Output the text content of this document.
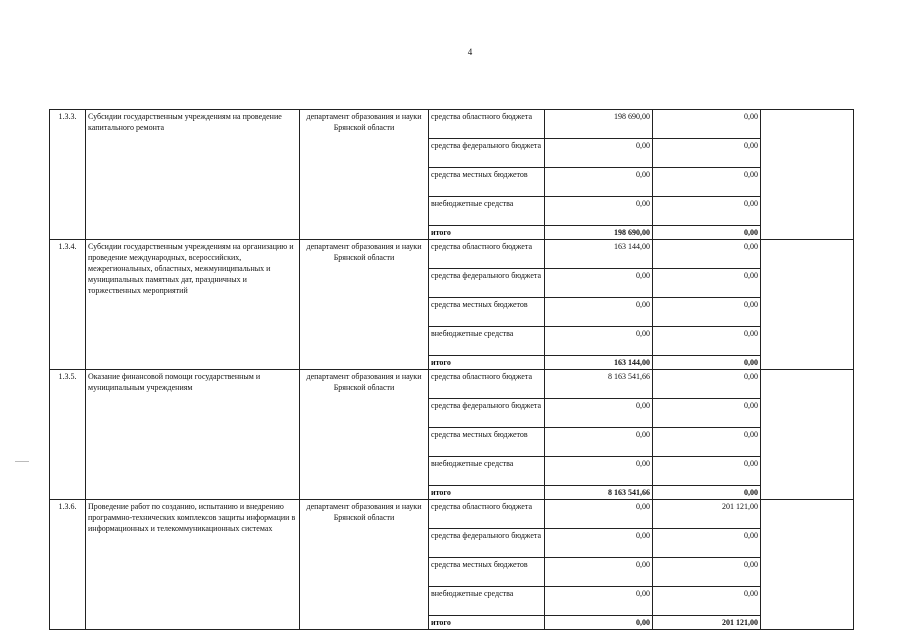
4
1.3.3.	Субсидии государственным учреждениям на проведение капитального ремонта	департамент образования и науки Брянской области	средства областного бюджета	198 690,00	0,00	
			средства федерального бюджета	0,00	0,00	
			средства местных бюджетов	0,00	0,00	
			внебюджетные средства	0,00	0,00	
			итого	198 690,00	0,00	
1.3.4.	Субсидии государственным учреждениям на организацию и проведение международных, всероссийских, межрегиональных, областных, межмуниципальных и муниципальных памятных дат, праздничных и торжественных мероприятий	департамент образования и науки Брянской области	средства областного бюджета	163 144,00	0,00	
			средства федерального бюджета	0,00	0,00	
			средства местных бюджетов	0,00	0,00	
			внебюджетные средства	0,00	0,00	
			итого	163 144,00	0,00	
1.3.5.	Оказание финансовой помощи государственным и муниципальным учреждениям	департамент образования и науки Брянской области	средства областного бюджета	8 163 541,66	0,00	
			средства федерального бюджета	0,00	0,00	
			средства местных бюджетов	0,00	0,00	
			внебюджетные средства	0,00	0,00	
			итого	8 163 541,66	0,00	
1.3.6.	Проведение работ по созданию, испытанию и внедрению программно-технических комплексов защиты информации в информационных и телекоммуникационных системах	департамент образования и науки Брянской области	средства областного бюджета	0,00	201 121,00	
			средства федерального бюджета	0,00	0,00	
			средства местных бюджетов	0,00	0,00	
			внебюджетные средства	0,00	0,00	
			итого	0,00	201 121,00	
